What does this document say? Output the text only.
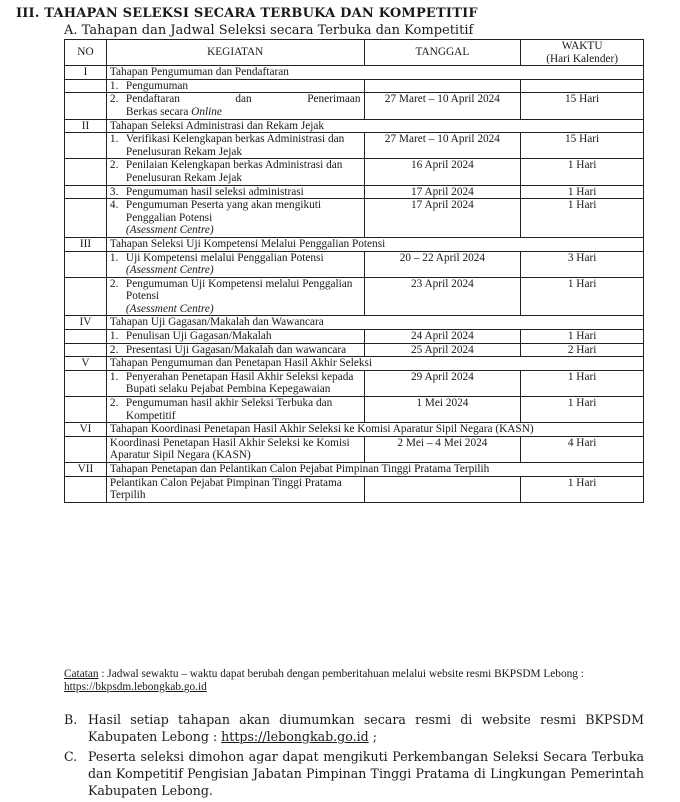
III. TAHAPAN SELEKSI SECARA TERBUKA DAN KOMPETITIF
A. Tahapan dan Jadwal Seleksi secara Terbuka dan Kompetitif
NO	KEGIATAN	TANGGAL	WAKTU
(Hari Kalender)

I	Tahapan Pengumuman dan Pendaftaran		

	1. Pengumuman		

	2. Pendaftaran dan Penerimaan
Berkas secara Online	27 Maret – 10 April 2024	15 Hari
II	Tahapan Seleksi Administrasi dan Rekam Jejak		

	1. Verifikasi Kelengkapan berkas Administrasi dan Penelusuran Rekam Jejak	27 Maret – 10 April 2024	15 Hari

	2. Penilaian Kelengkapan berkas Administrasi dan Penelusuran Rekam Jejak	16 April 2024	1 Hari

	3. Pengumuman hasil seleksi administrasi	17 April 2024	1 Hari

	4. Pengumuman Peserta yang akan mengikuti Penggalian Potensi
(Asessment Centre)	17 April 2024	1 Hari
III	Tahapan Seleksi Uji Kompetensi Melalui Penggalian Potensi		

	1. Uji Kompetensi melalui Penggalian Potensi (Asessment Centre)	20 – 22 April 2024	3 Hari

	2. Pengumuman Uji Kompetensi melalui Penggalian Potensi
(Asessment Centre)	23 April 2024	1 Hari
IV	Tahapan Uji Gagasan/Makalah dan Wawancara		

	1. Penulisan Uji Gagasan/Makalah	24 April 2024	1 Hari

	2. Presentasi Uji Gagasan/Makalah dan wawancara	25 April 2024	2 Hari
V	Tahapan Pengumuman dan Penetapan Hasil Akhir Seleksi		

	1. Penyerahan Penetapan Hasil Akhir Seleksi kepada Bupati selaku Pejabat Pembina Kepegawaian	29 April 2024	1 Hari

	2. Pengumuman hasil akhir Seleksi Terbuka dan Kompetitif	1 Mei 2024	1 Hari
VI	Tahapan Koordinasi Penetapan Hasil Akhir Seleksi ke Komisi Aparatur Sipil Negara (KASN)		
	Koordinasi Penetapan Hasil Akhir Seleksi ke Komisi Aparatur Sipil Negara (KASN)	2 Mei – 4 Mei 2024	4 Hari
VII	Tahapan Penetapan dan Pelantikan Calon Pejabat Pimpinan Tinggi Pratama Terpilih		
	Pelantikan Calon Pejabat Pimpinan Tinggi Pratama Terpilih		1 Hari
Catatan : Jadwal sewaktu – waktu dapat berubah dengan pemberitahuan melalui website resmi BKPSDM Lebong : https://bkpsdm.lebongkab.go.id
B. Hasil setiap tahapan akan diumumkan secara resmi di website resmi BKPSDM Kabupaten Lebong : https://lebongkab.go.id ;
C. Peserta seleksi dimohon agar dapat mengikuti Perkembangan Seleksi Secara Terbuka dan Kompetitif Pengisian Jabatan Pimpinan Tinggi Pratama di Lingkungan Pemerintah Kabupaten Lebong.
